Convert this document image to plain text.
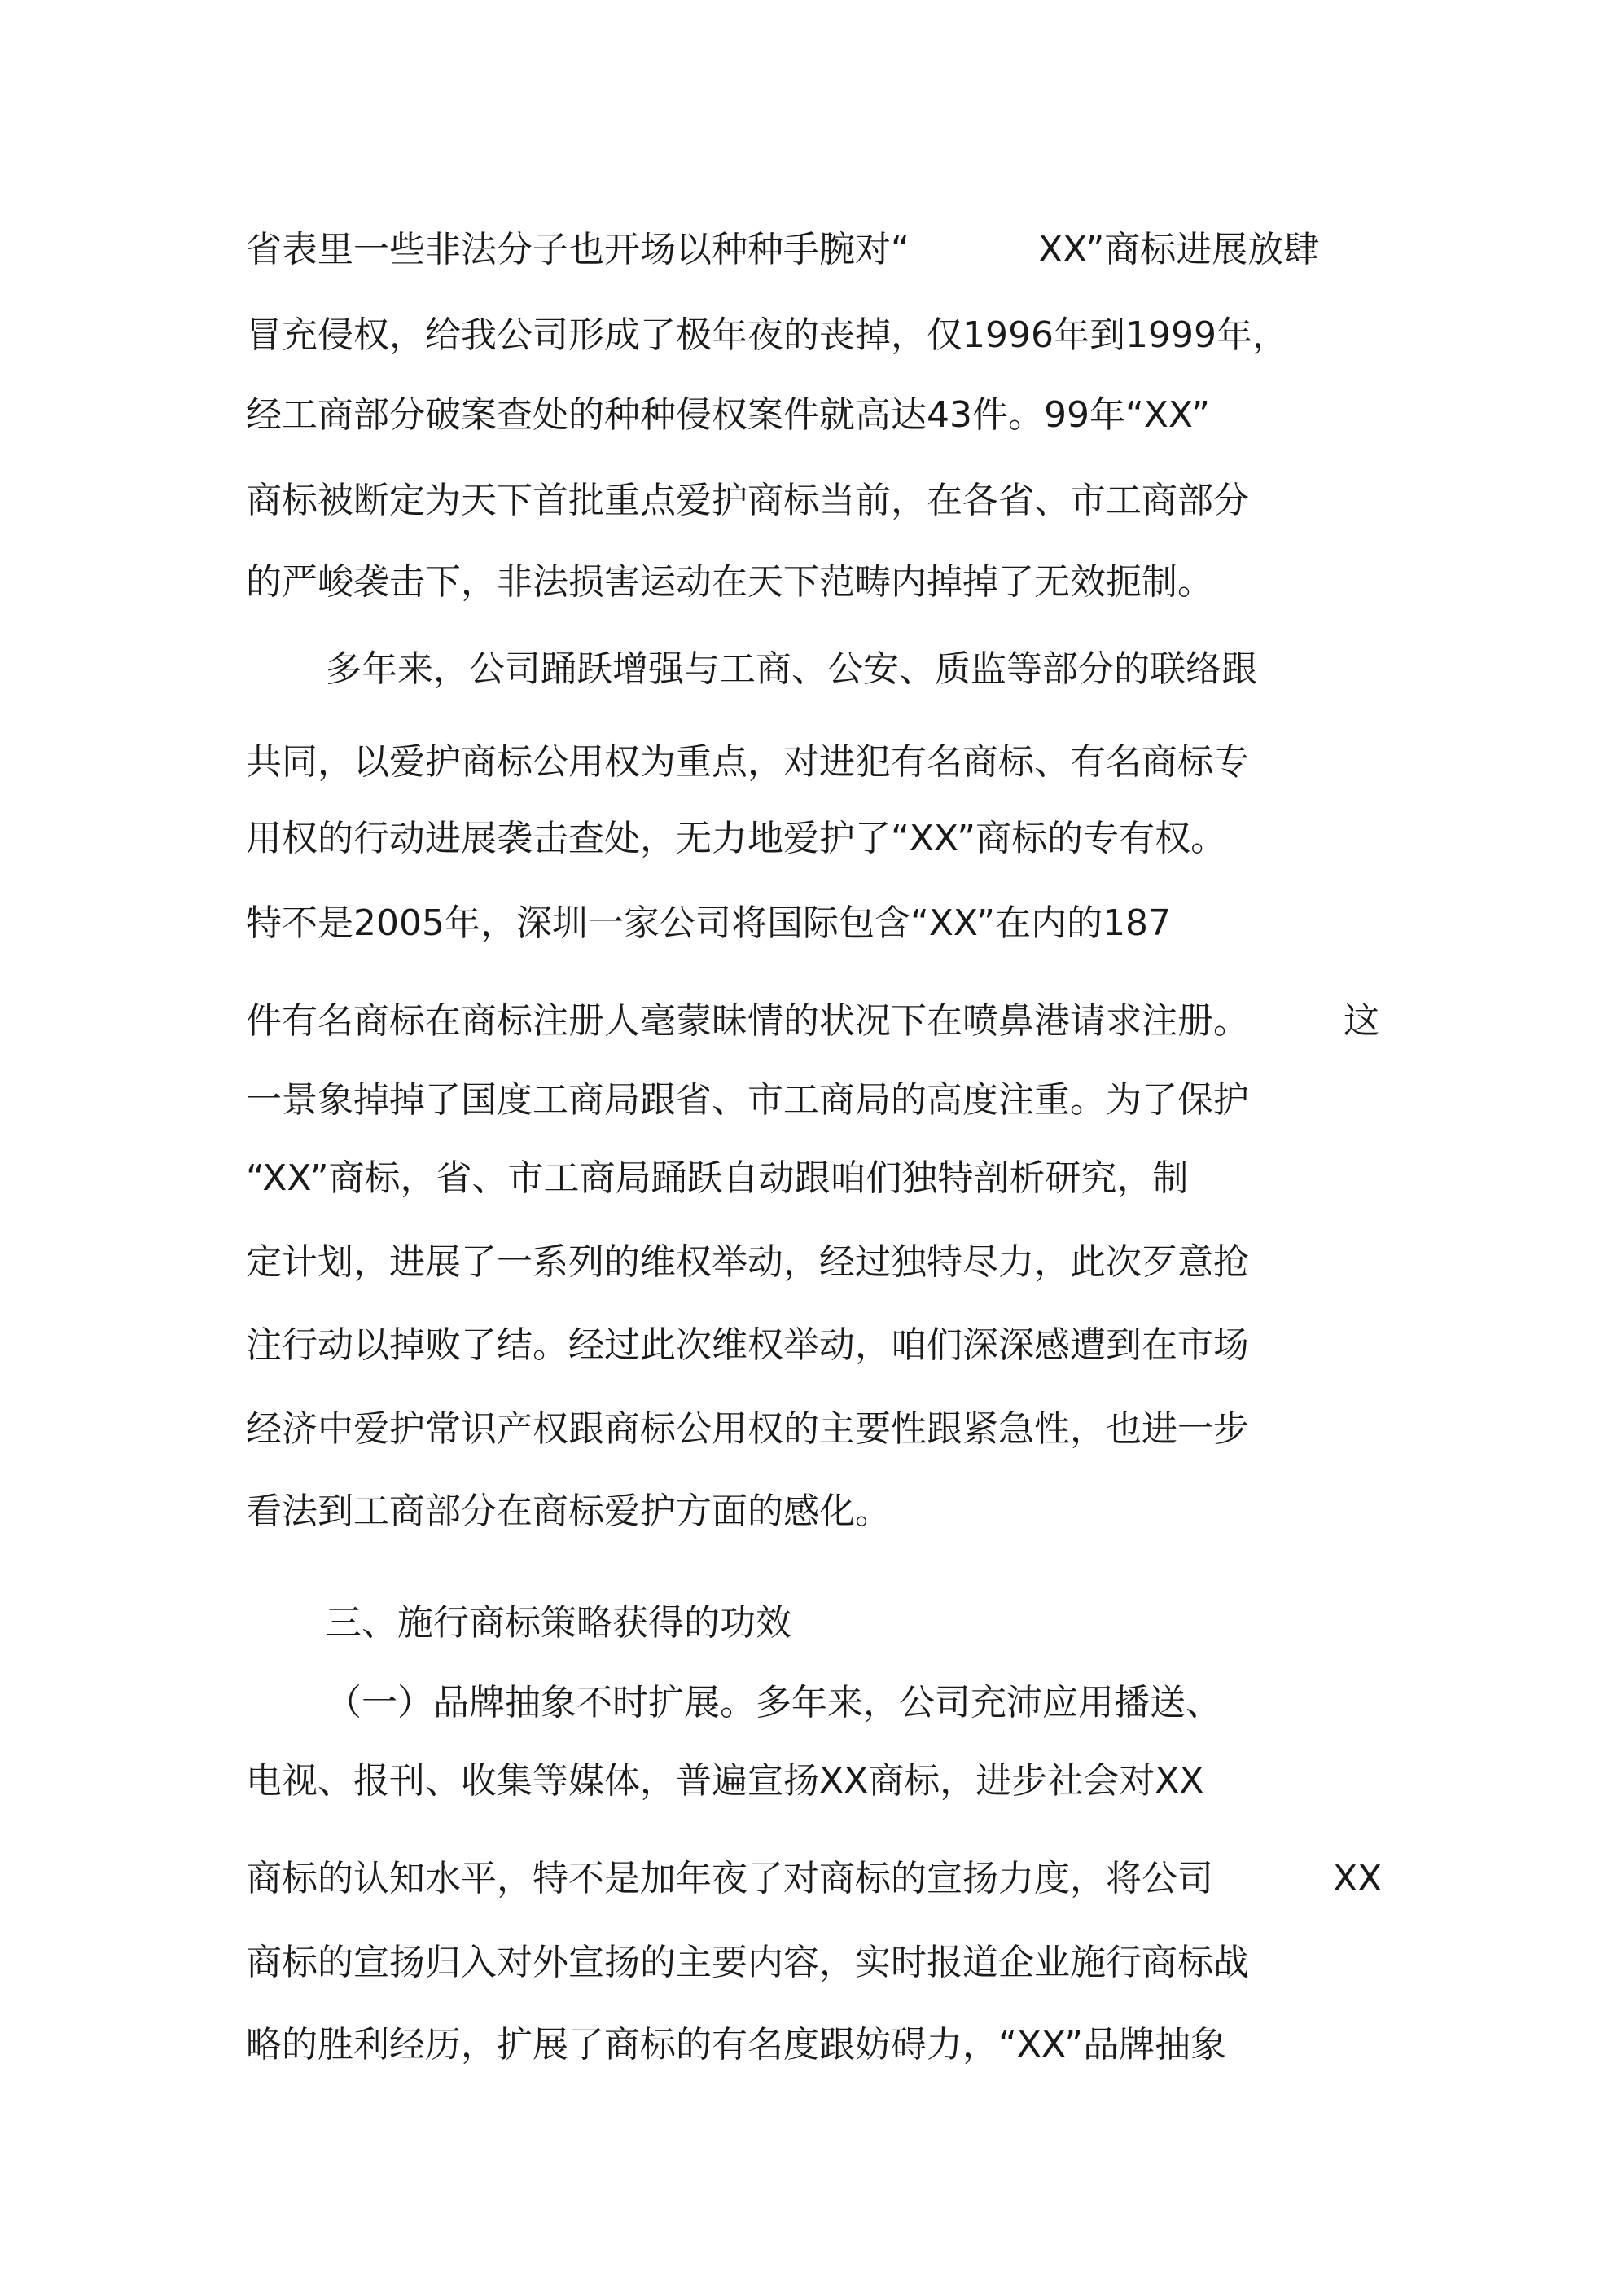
省表里一些非法分子也开场以种种手腕对“	XX”商标进展放肆
冒充侵权，给我公司形成了极年夜的丧掉，仅1996年到1999年，
经工商部分破案查处的种种侵权案件就高达43件。99年“XX”
商标被断定为天下首批重点爱护商标当前，在各省、市工商部分
的严峻袭击下，非法损害运动在天下范畴内掉掉了无效扼制。
多年来，公司踊跃增强与工商、公安、质监等部分的联络跟
共同，以爱护商标公用权为重点，对进犯有名商标、有名商标专
用权的行动进展袭击查处，无力地爱护了“XX”商标的专有权。
特不是2005年，深圳一家公司将国际包含“XX”在内的187
件有名商标在商标注册人毫蒙昧情的状况下在喷鼻港请求注册。	这
一景象掉掉了国度工商局跟省、市工商局的高度注重。为了保护
“XX”商标，省、市工商局踊跃自动跟咱们独特剖析研究，制
定计划，进展了一系列的维权举动，经过独特尽力，此次歹意抢
注行动以掉败了结。经过此次维权举动，咱们深深感遭到在市场
经济中爱护常识产权跟商标公用权的主要性跟紧急性，也进一步
看法到工商部分在商标爱护方面的感化。
三、施行商标策略获得的功效
（一）品牌抽象不时扩展。多年来，公司充沛应用播送、
电视、报刊、收集等媒体，普遍宣扬XX商标，进步社会对XX
商标的认知水平，特不是加年夜了对商标的宣扬力度，将公司	XX
商标的宣扬归入对外宣扬的主要内容，实时报道企业施行商标战
略的胜利经历，扩展了商标的有名度跟妨碍力，“XX”品牌抽象
